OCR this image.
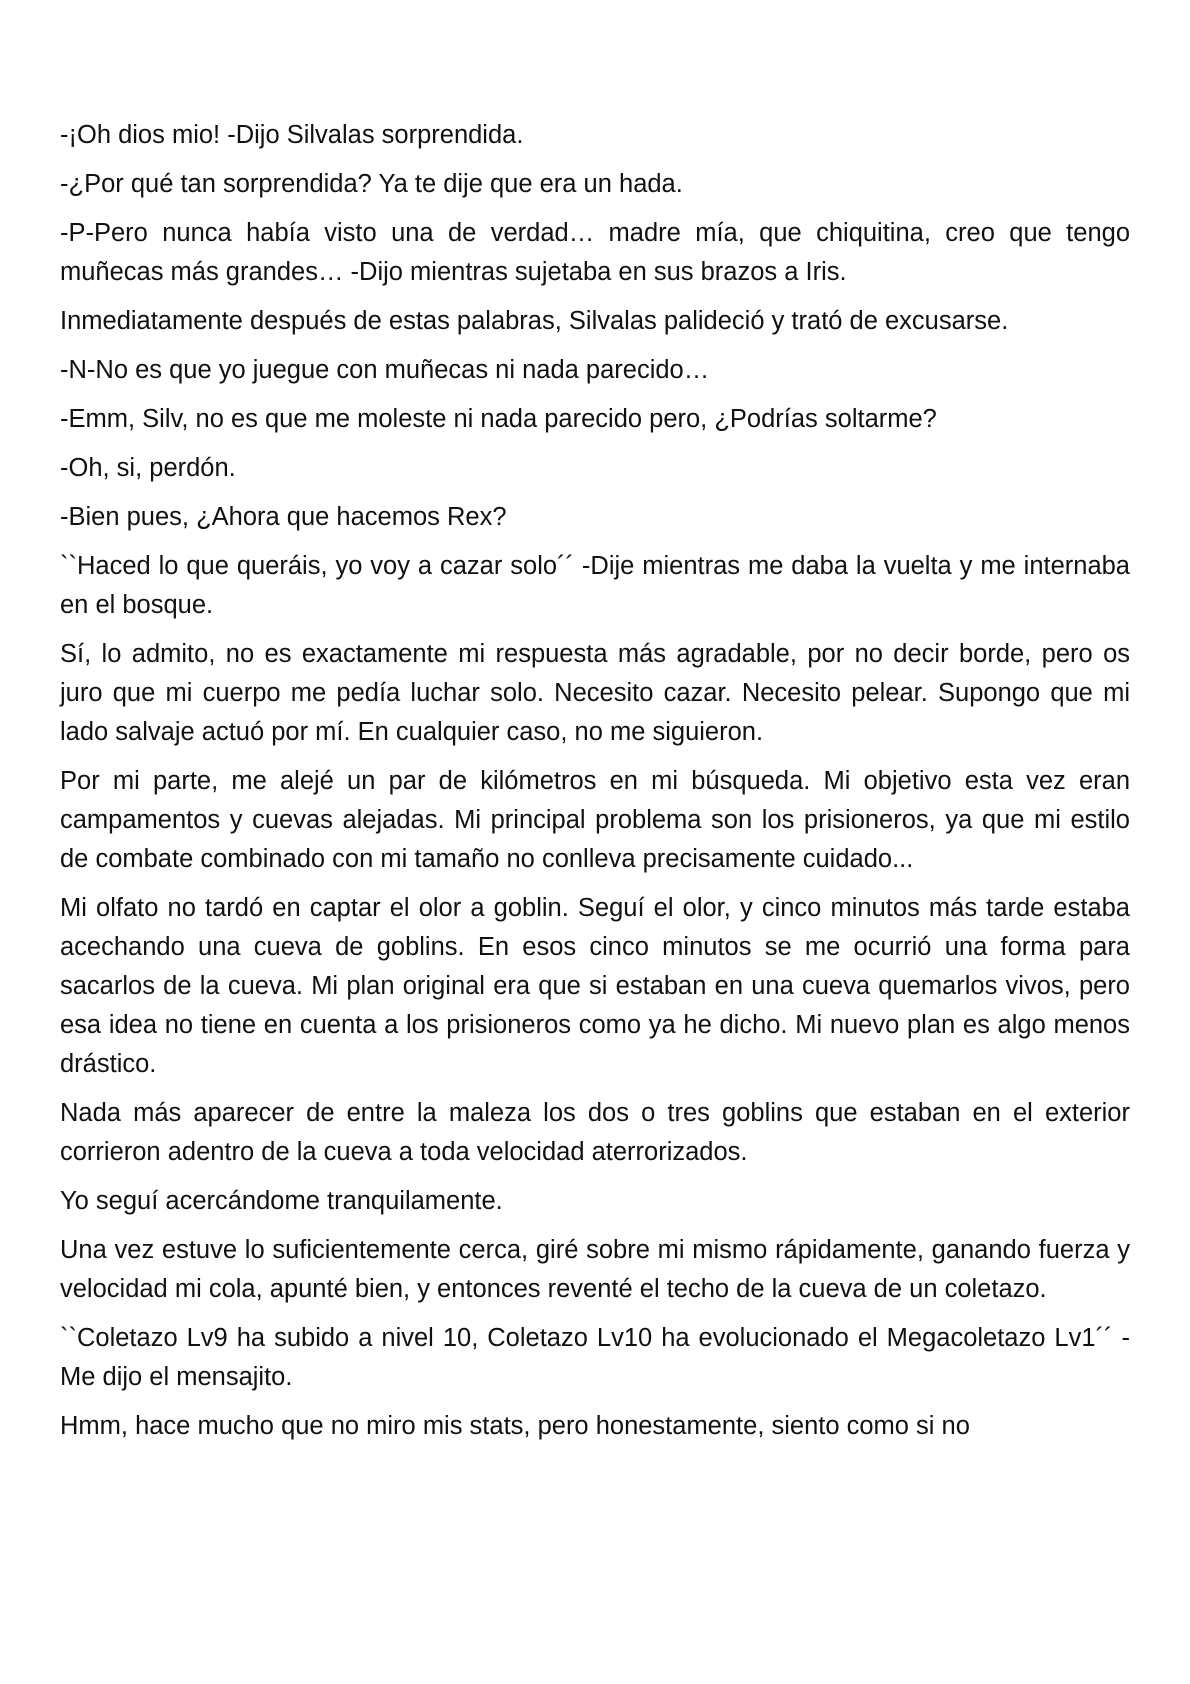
-¡Oh dios mio! -Dijo Silvalas sorprendida.

-¿Por qué tan sorprendida? Ya te dije que era un hada.

-P-Pero nunca había visto una de verdad… madre mía, que chiquitina, creo que tengo muñecas más grandes… -Dijo mientras sujetaba en sus brazos a Iris.

Inmediatamente después de estas palabras, Silvalas palideció y trató de excusarse.

-N-No es que yo juegue con muñecas ni nada parecido…

-Emm, Silv, no es que me moleste ni nada parecido pero, ¿Podrías soltarme?

-Oh, si, perdón.

-Bien pues, ¿Ahora que hacemos Rex?

``Haced lo que queráis, yo voy a cazar solo´´ -Dije mientras me daba la vuelta y me internaba en el bosque.

Sí, lo admito, no es exactamente mi respuesta más agradable, por no decir borde, pero os juro que mi cuerpo me pedía luchar solo. Necesito cazar. Necesito pelear. Supongo que mi lado salvaje actuó por mí. En cualquier caso, no me siguieron.

Por mi parte, me alejé un par de kilómetros en mi búsqueda. Mi objetivo esta vez eran campamentos y cuevas alejadas. Mi principal problema son los prisioneros, ya que mi estilo de combate combinado con mi tamaño no conlleva precisamente cuidado...

Mi olfato no tardó en captar el olor a goblin. Seguí el olor, y cinco minutos más tarde estaba acechando una cueva de goblins. En esos cinco minutos se me ocurrió una forma para sacarlos de la cueva. Mi plan original era que si estaban en una cueva quemarlos vivos, pero esa idea no tiene en cuenta a los prisioneros como ya he dicho. Mi nuevo plan es algo menos drástico.

Nada más aparecer de entre la maleza los dos o tres goblins que estaban en el exterior corrieron adentro de la cueva a toda velocidad aterrorizados.

Yo seguí acercándome tranquilamente.

Una vez estuve lo suficientemente cerca, giré sobre mi mismo rápidamente, ganando fuerza y velocidad mi cola, apunté bien, y entonces reventé el techo de la cueva de un coletazo.

``Coletazo Lv9 ha subido a nivel 10, Coletazo Lv10 ha evolucionado el Megacoletazo Lv1´´ -Me dijo el mensajito.

Hmm, hace mucho que no miro mis stats, pero honestamente, siento como si no
